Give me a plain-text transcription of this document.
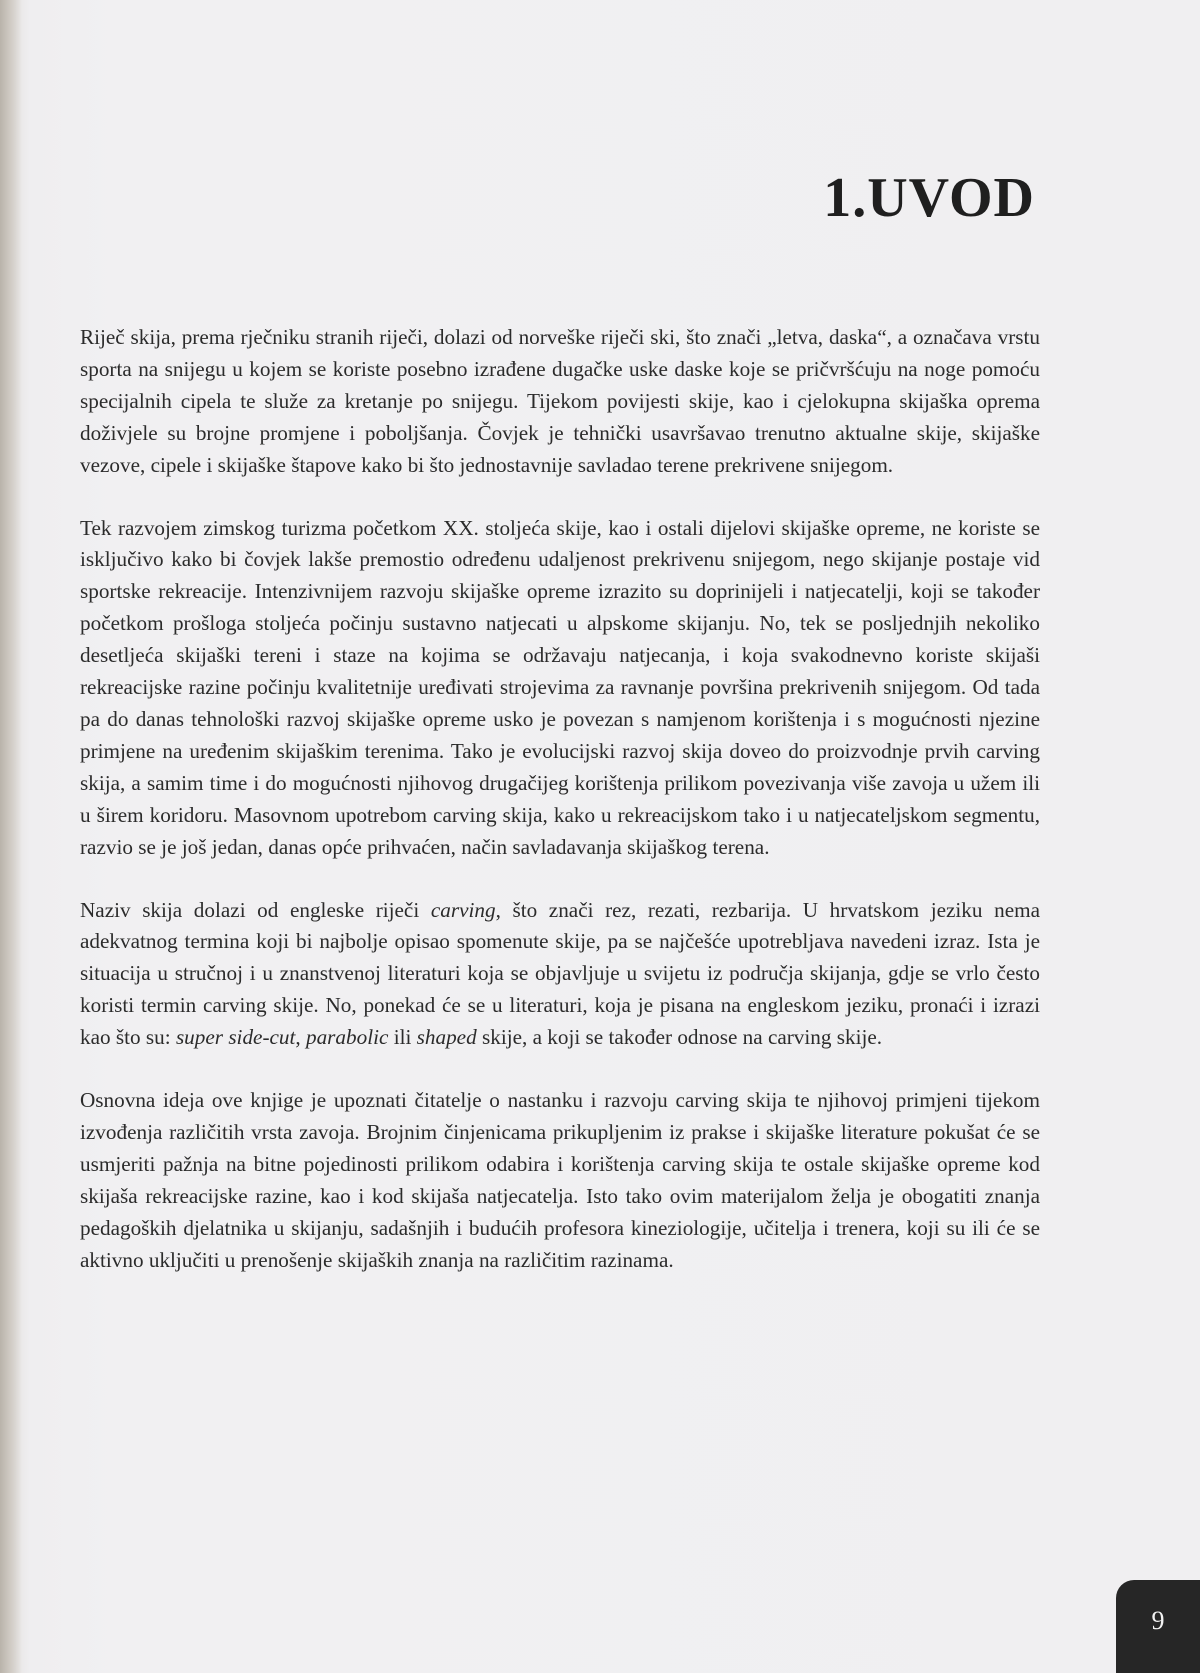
1.UVOD

Riječ skija, prema rječniku stranih riječi, dolazi od norveške riječi ski, što znači „letva, daska“, a označava vrstu sporta na snijegu u kojem se koriste posebno izrađene dugačke uske daske koje se pričvršćuju na noge pomoću specijalnih cipela te služe za kretanje po snijegu. Tijekom povijesti skije, kao i cjelokupna skijaška oprema doživjele su brojne promjene i poboljšanja. Čovjek je tehnički usavršavao trenutno aktualne skije, skijaške vezove, cipele i skijaške štapove kako bi što jednostavnije savladao terene prekrivene snijegom.

Tek razvojem zimskog turizma početkom XX. stoljeća skije, kao i ostali dijelovi skijaške opreme, ne koriste se isključivo kako bi čovjek lakše premostio određenu udaljenost prekrivenu snijegom, nego skijanje postaje vid sportske rekreacije. Intenzivnijem razvoju skijaške opreme izrazito su doprinijeli i natjecatelji, koji se također početkom prošloga stoljeća počinju sustavno natjecati u alpskome skijanju. No, tek se posljednjih nekoliko desetljeća skijaški tereni i staze na kojima se održavaju natjecanja, i koja svakodnevno koriste skijaši rekreacijske razine počinju kvalitetnije uređivati strojevima za ravnanje površina prekrivenih snijegom. Od tada pa do danas tehnološki razvoj skijaške opreme usko je povezan s namjenom korištenja i s mogućnosti njezine primjene na uređenim skijaškim terenima. Tako je evolucijski razvoj skija doveo do proizvodnje prvih carving skija, a samim time i do mogućnosti njihovog drugačijeg korištenja prilikom povezivanja više zavoja u užem ili u širem koridoru. Masovnom upotrebom carving skija, kako u rekreacijskom tako i u natjecateljskom segmentu, razvio se je još jedan, danas opće prihvaćen, način savladavanja skijaškog terena.

Naziv skija dolazi od engleske riječi carving, što znači rez, rezati, rezbarija. U hrvatskom jeziku nema adekvatnog termina koji bi najbolje opisao spomenute skije, pa se najčešće upotrebljava navedeni izraz. Ista je situacija u stručnoj i u znanstvenoj literaturi koja se objavljuje u svijetu iz područja skijanja, gdje se vrlo često koristi termin carving skije. No, ponekad će se u literaturi, koja je pisana na engleskom jeziku, pronaći i izrazi kao što su: super side-cut, parabolic ili shaped skije, a koji se također odnose na carving skije.

Osnovna ideja ove knjige je upoznati čitatelje o nastanku i razvoju carving skija te njihovoj primjeni tijekom izvođenja različitih vrsta zavoja. Brojnim činjenicama prikupljenim iz prakse i skijaške literature pokušat će se usmjeriti pažnja na bitne pojedinosti prilikom odabira i korištenja carving skija te ostale skijaške opreme kod skijaša rekreacijske razine, kao i kod skijaša natjecatelja. Isto tako ovim materijalom želja je obogatiti znanja pedagoških djelatnika u skijanju, sadašnjih i budućih profesora kineziologije, učitelja i trenera, koji su ili će se aktivno uključiti u prenošenje skijaških znanja na različitim razinama.

9
